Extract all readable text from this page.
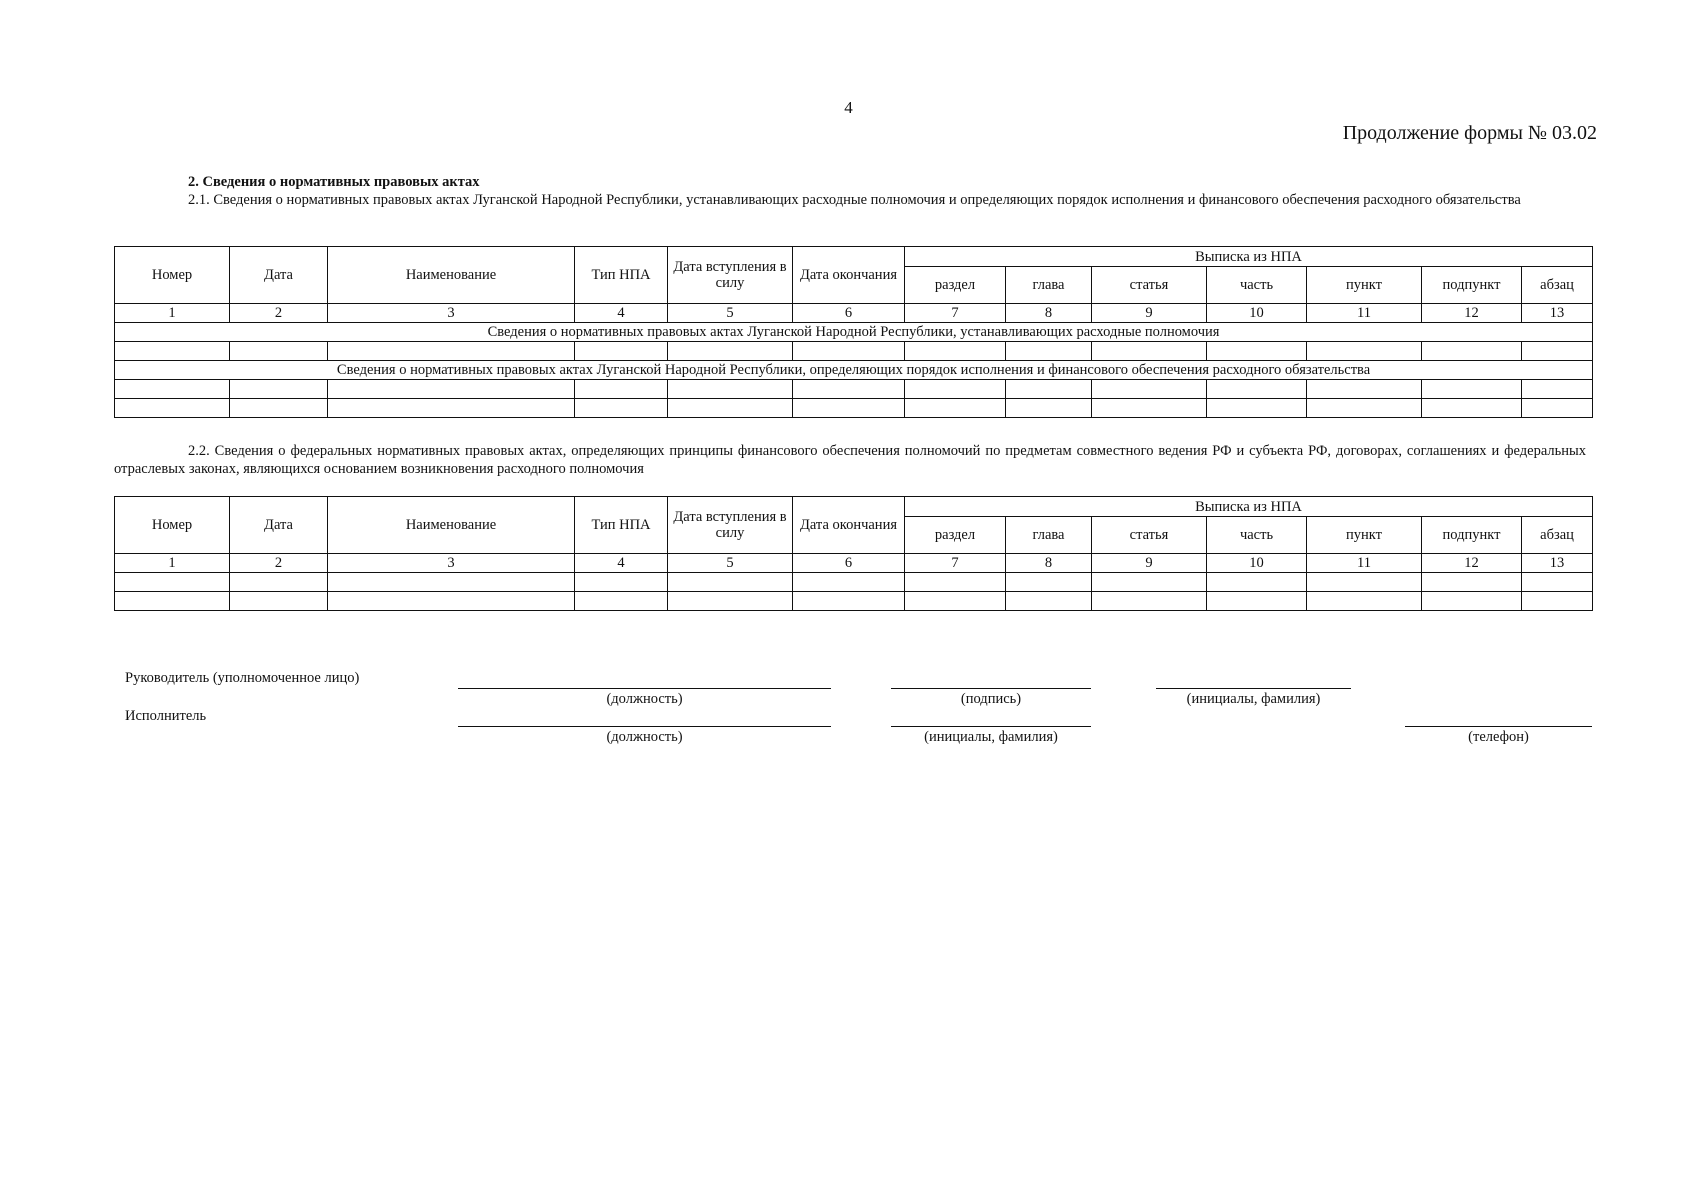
4
Продолжение формы № 03.02
2. Сведения о нормативных правовых актах

2.1. Сведения о нормативных правовых актах Луганской Народной Республики, устанавливающих расходные полномочия и определяющих порядок исполнения и финансового обеспечения расходного обязательства

Номер	Дата	Наименование	Тип НПА	Дата вступления в силу	Дата окончания	Выписка из НПА						
						раздел	глава	статья	часть	пункт	подпункт	абзац
1	2	3	4	5	6	7	8	9	10	11	12	13
Сведения о нормативных правовых актах Луганской Народной Республики, устанавливающих расходные полномочия												

Сведения о нормативных правовых актах Луганской Народной Республики, определяющих порядок исполнения и финансового обеспечения расходного обязательства												

2.2. Сведения о федеральных нормативных правовых актах, определяющих принципы финансового обеспечения полномочий по предметам совместного ведения РФ и субъекта РФ, договорах, соглашениях и федеральных отраслевых законах, являющихся основанием возникновения расходного полномочия

Номер	Дата	Наименование	Тип НПА	Дата вступления в силу	Дата окончания	Выписка из НПА						
						раздел	глава	статья	часть	пункт	подпункт	абзац
1	2	3	4	5	6	7	8	9	10	11	12	13

Руководитель (уполномоченное лицо)
(должность)	(подпись)	(инициалы, фамилия)
Исполнитель
(должность)	(инициалы, фамилия)	(телефон)
